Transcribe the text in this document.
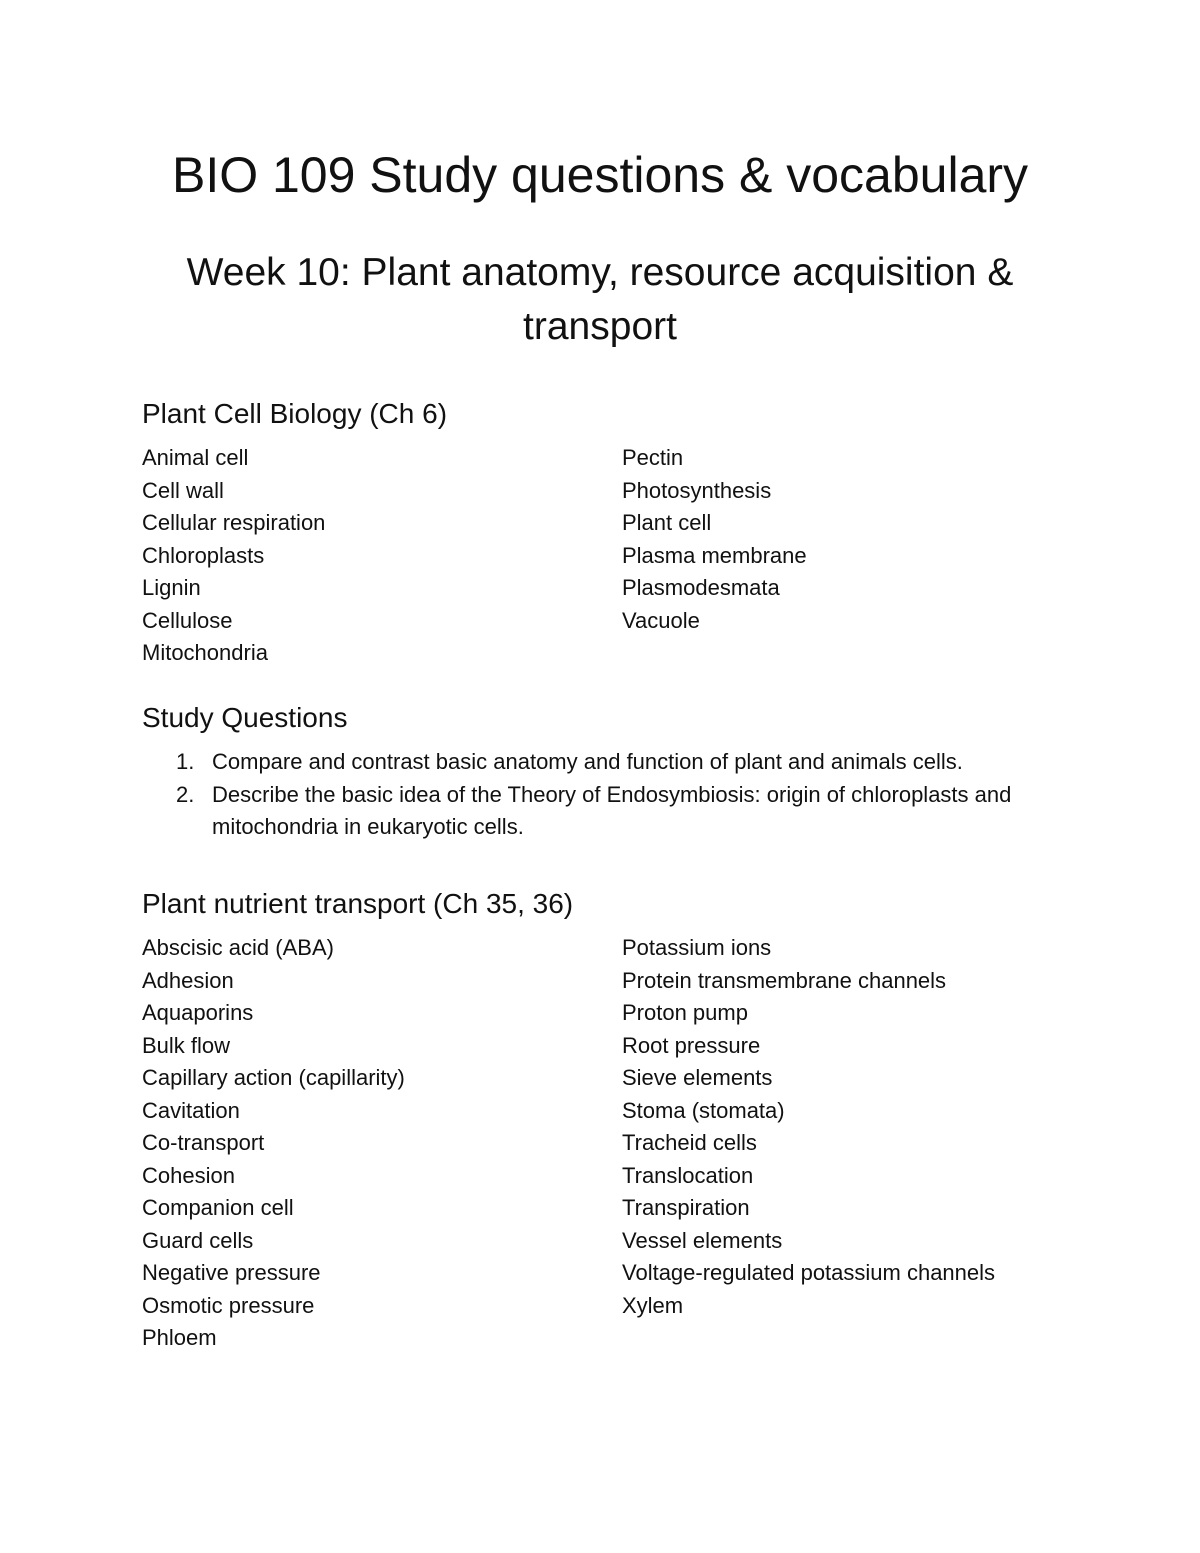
BIO 109 Study questions & vocabulary
Week 10: Plant anatomy, resource acquisition & transport
Plant Cell Biology (Ch 6)
Animal cell
Cell wall
Cellular respiration
Chloroplasts
Lignin
Cellulose
Mitochondria
Pectin
Photosynthesis
Plant cell
Plasma membrane
Plasmodesmata
Vacuole
Study Questions
1. Compare and contrast basic anatomy and function of plant and animals cells.
2. Describe the basic idea of the Theory of Endosymbiosis: origin of chloroplasts and mitochondria in eukaryotic cells.
Plant nutrient transport (Ch 35, 36)
Abscisic acid (ABA)
Adhesion
Aquaporins
Bulk flow
Capillary action (capillarity)
Cavitation
Co-transport
Cohesion
Companion cell
Guard cells
Negative pressure
Osmotic pressure
Phloem
Potassium ions
Protein transmembrane channels
Proton pump
Root pressure
Sieve elements
Stoma (stomata)
Tracheid cells
Translocation
Transpiration
Vessel elements
Voltage-regulated potassium channels
Xylem
